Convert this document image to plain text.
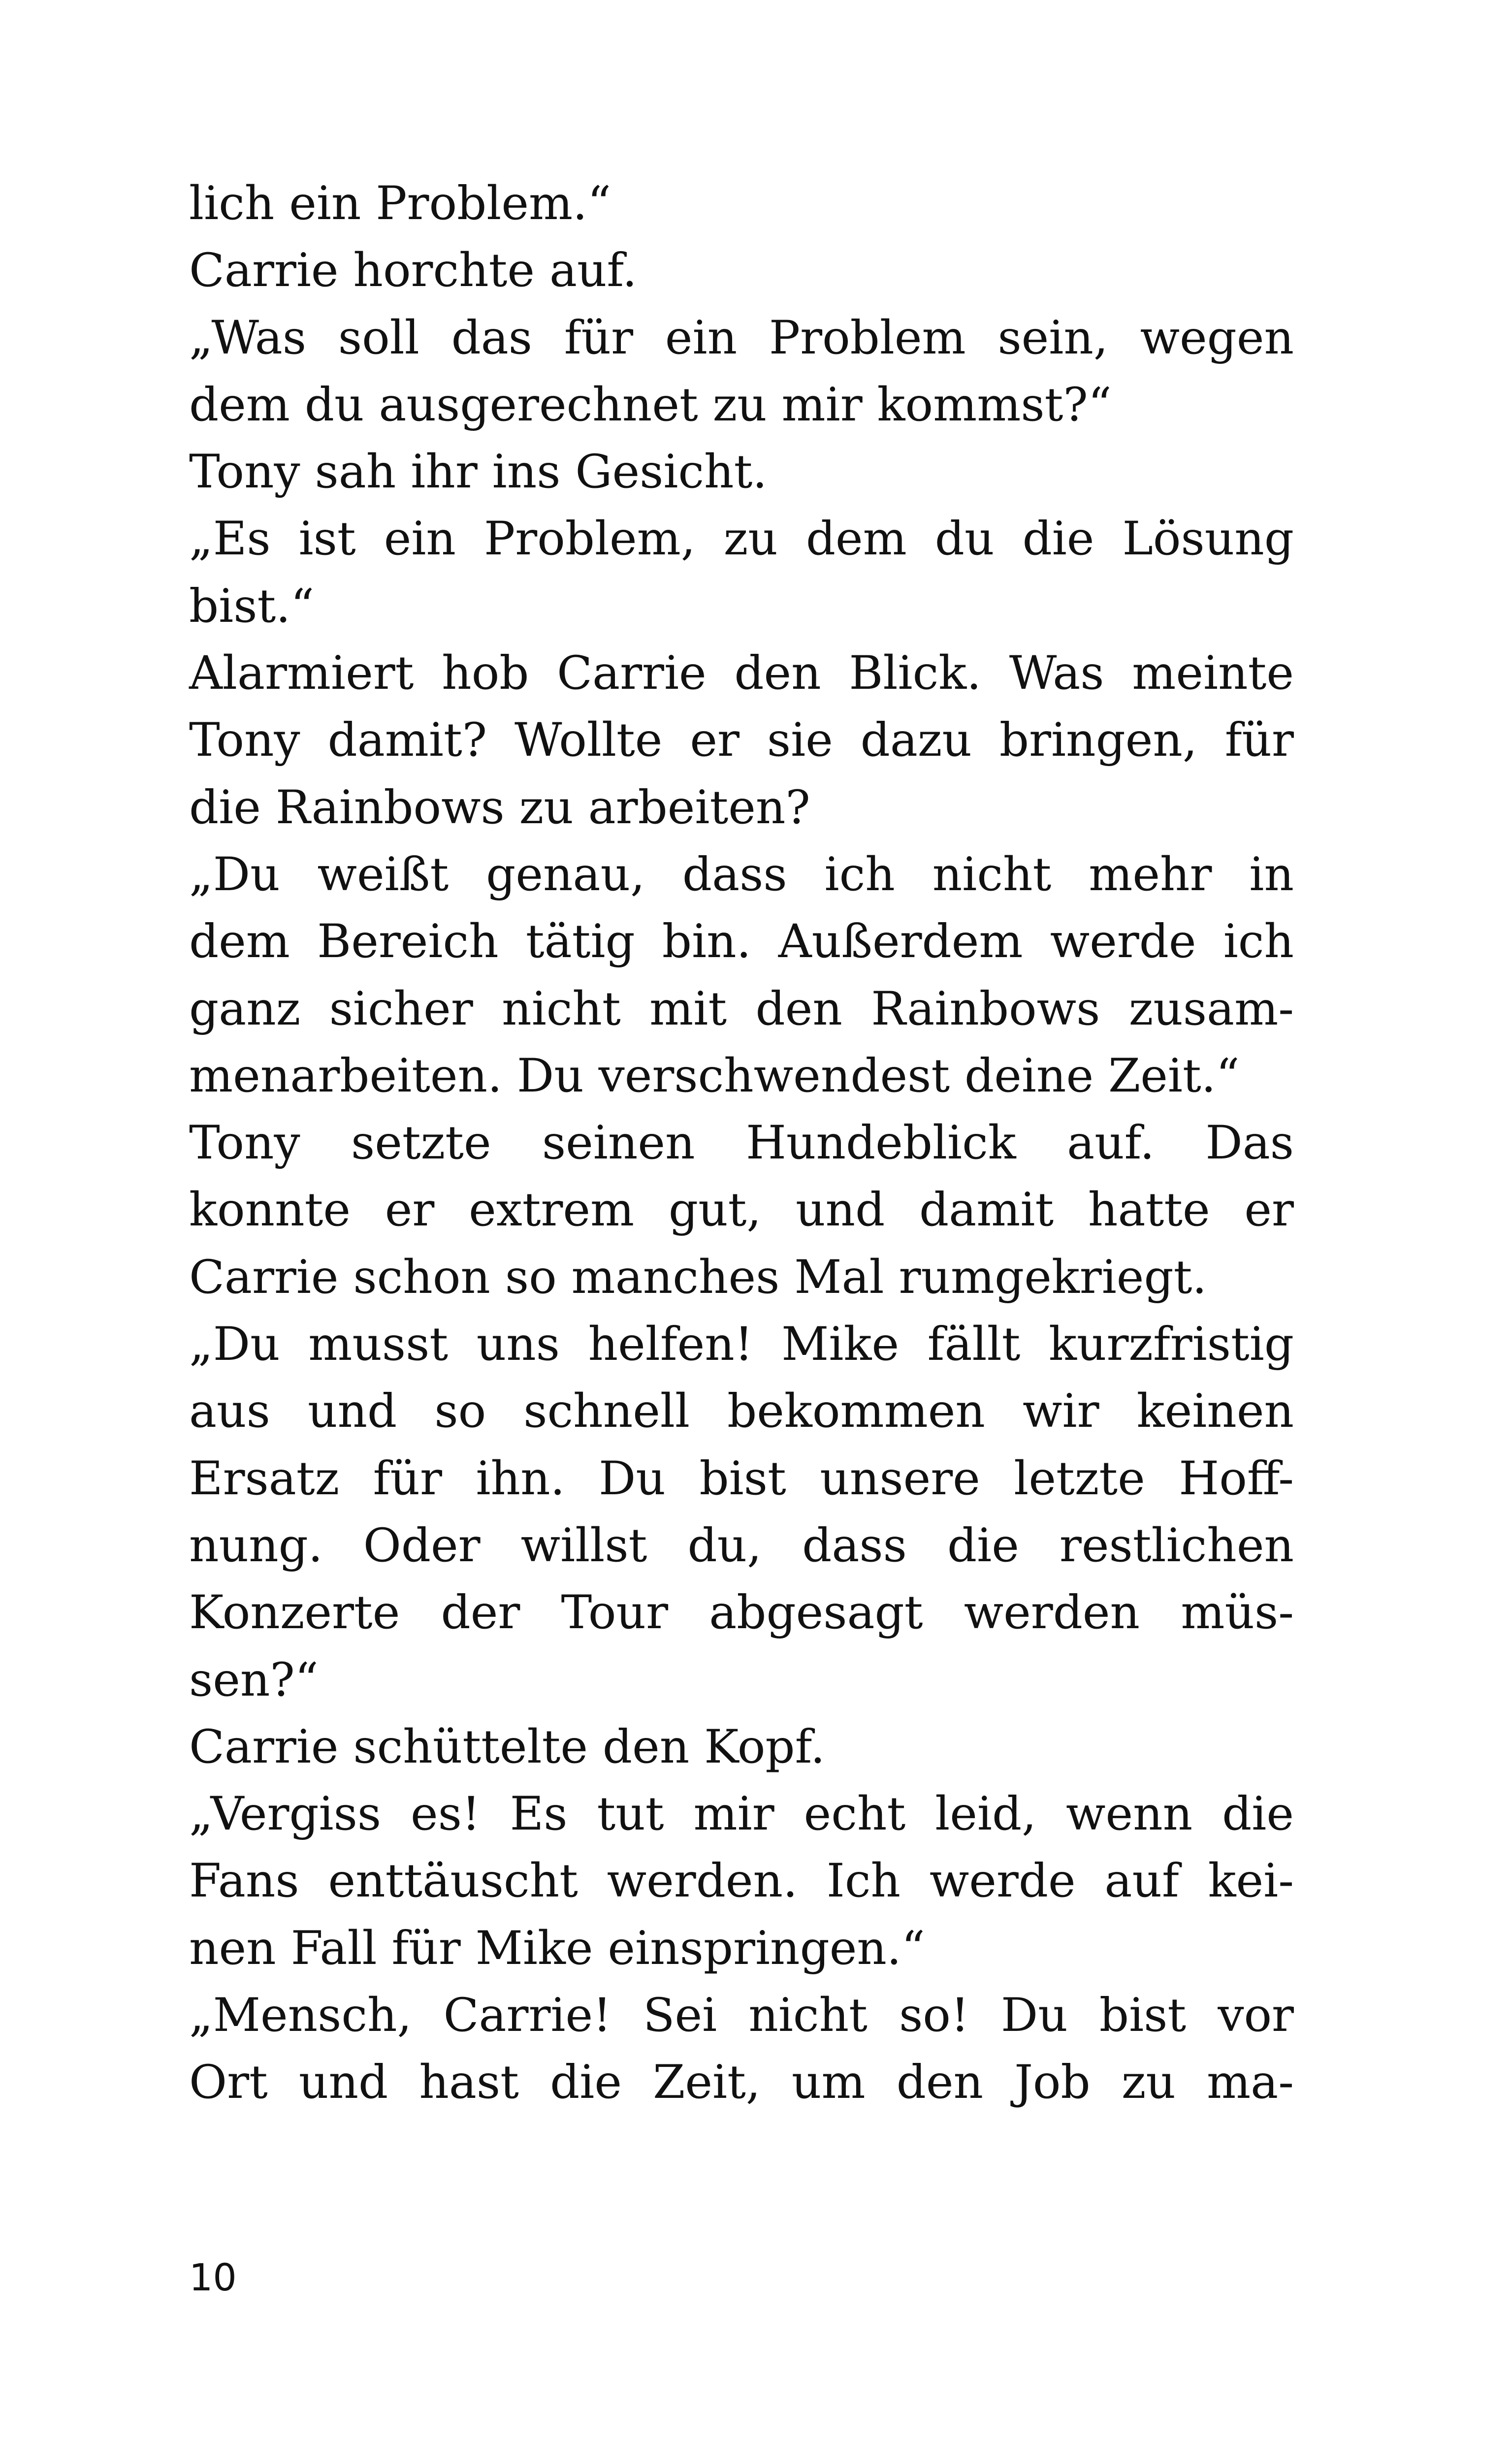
lich ein Problem.“
Carrie horchte auf.
„Was soll das für ein Problem sein, wegen
dem du ausgerechnet zu mir kommst?“
Tony sah ihr ins Gesicht.
„Es ist ein Problem, zu dem du die Lösung
bist.“
Alarmiert hob Carrie den Blick. Was meinte
Tony damit? Wollte er sie dazu bringen, für
die Rainbows zu arbeiten?
„Du weißt genau, dass ich nicht mehr in
dem Bereich tätig bin. Außerdem werde ich
ganz sicher nicht mit den Rainbows zusam-
menarbeiten. Du verschwendest deine Zeit.“
Tony setzte seinen Hundeblick auf. Das
konnte er extrem gut, und damit hatte er
Carrie schon so manches Mal rumgekriegt.
„Du musst uns helfen! Mike fällt kurzfristig
aus und so schnell bekommen wir keinen
Ersatz für ihn. Du bist unsere letzte Hoff-
nung. Oder willst du, dass die restlichen
Konzerte der Tour abgesagt werden müs-
sen?“
Carrie schüttelte den Kopf.
„Vergiss es! Es tut mir echt leid, wenn die
Fans enttäuscht werden. Ich werde auf kei-
nen Fall für Mike einspringen.“
„Mensch, Carrie! Sei nicht so! Du bist vor
Ort und hast die Zeit, um den Job zu ma-
10
